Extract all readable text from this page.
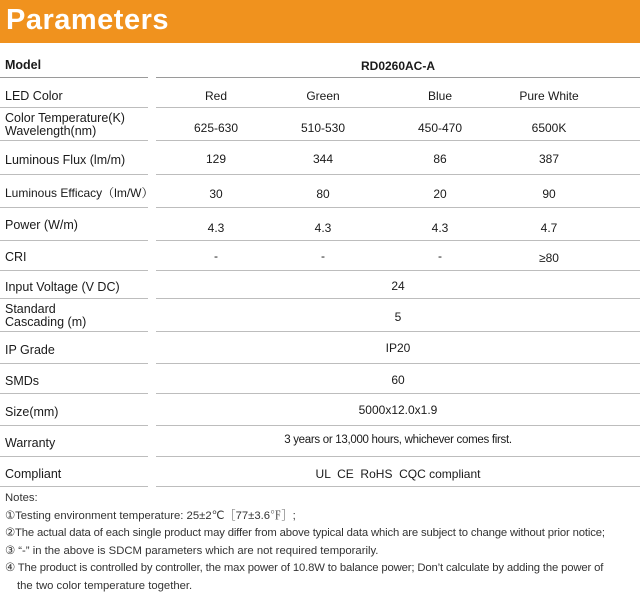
Parameters
Model	RD0260AC-A
LED Color	Red	Green	Blue	Pure White
Color Temperature(K)
Wavelength(nm)	625-630	510-530	450-470	6500K
Luminous Flux (lm/m)	129	344	86	387
Luminous Efficacy（lm/W）	30	80	20	90
Power (W/m)	4.3	4.3	4.3	4.7
CRI	-	-	-	≥80
Input Voltage (V DC)	24
Standard
Cascading (m)	5
IP Grade	IP20
SMDs	60
Size(mm)	5000x12.0x1.9
Warranty	3 years or 13,000 hours, whichever comes first.
Compliant	UL  CE  RoHS  CQC compliant
Notes:
①Testing environment temperature: 25±2℃［77±3.6℉］;
②The actual data of each single product may differ from above typical data which are subject to change without prior notice;
③ “-” in the above is SDCM parameters which are not required temporarily.
④ The product is controlled by controller, the max power of 10.8W to balance power; Don’t calculate by adding the power of
the two color temperature together.
